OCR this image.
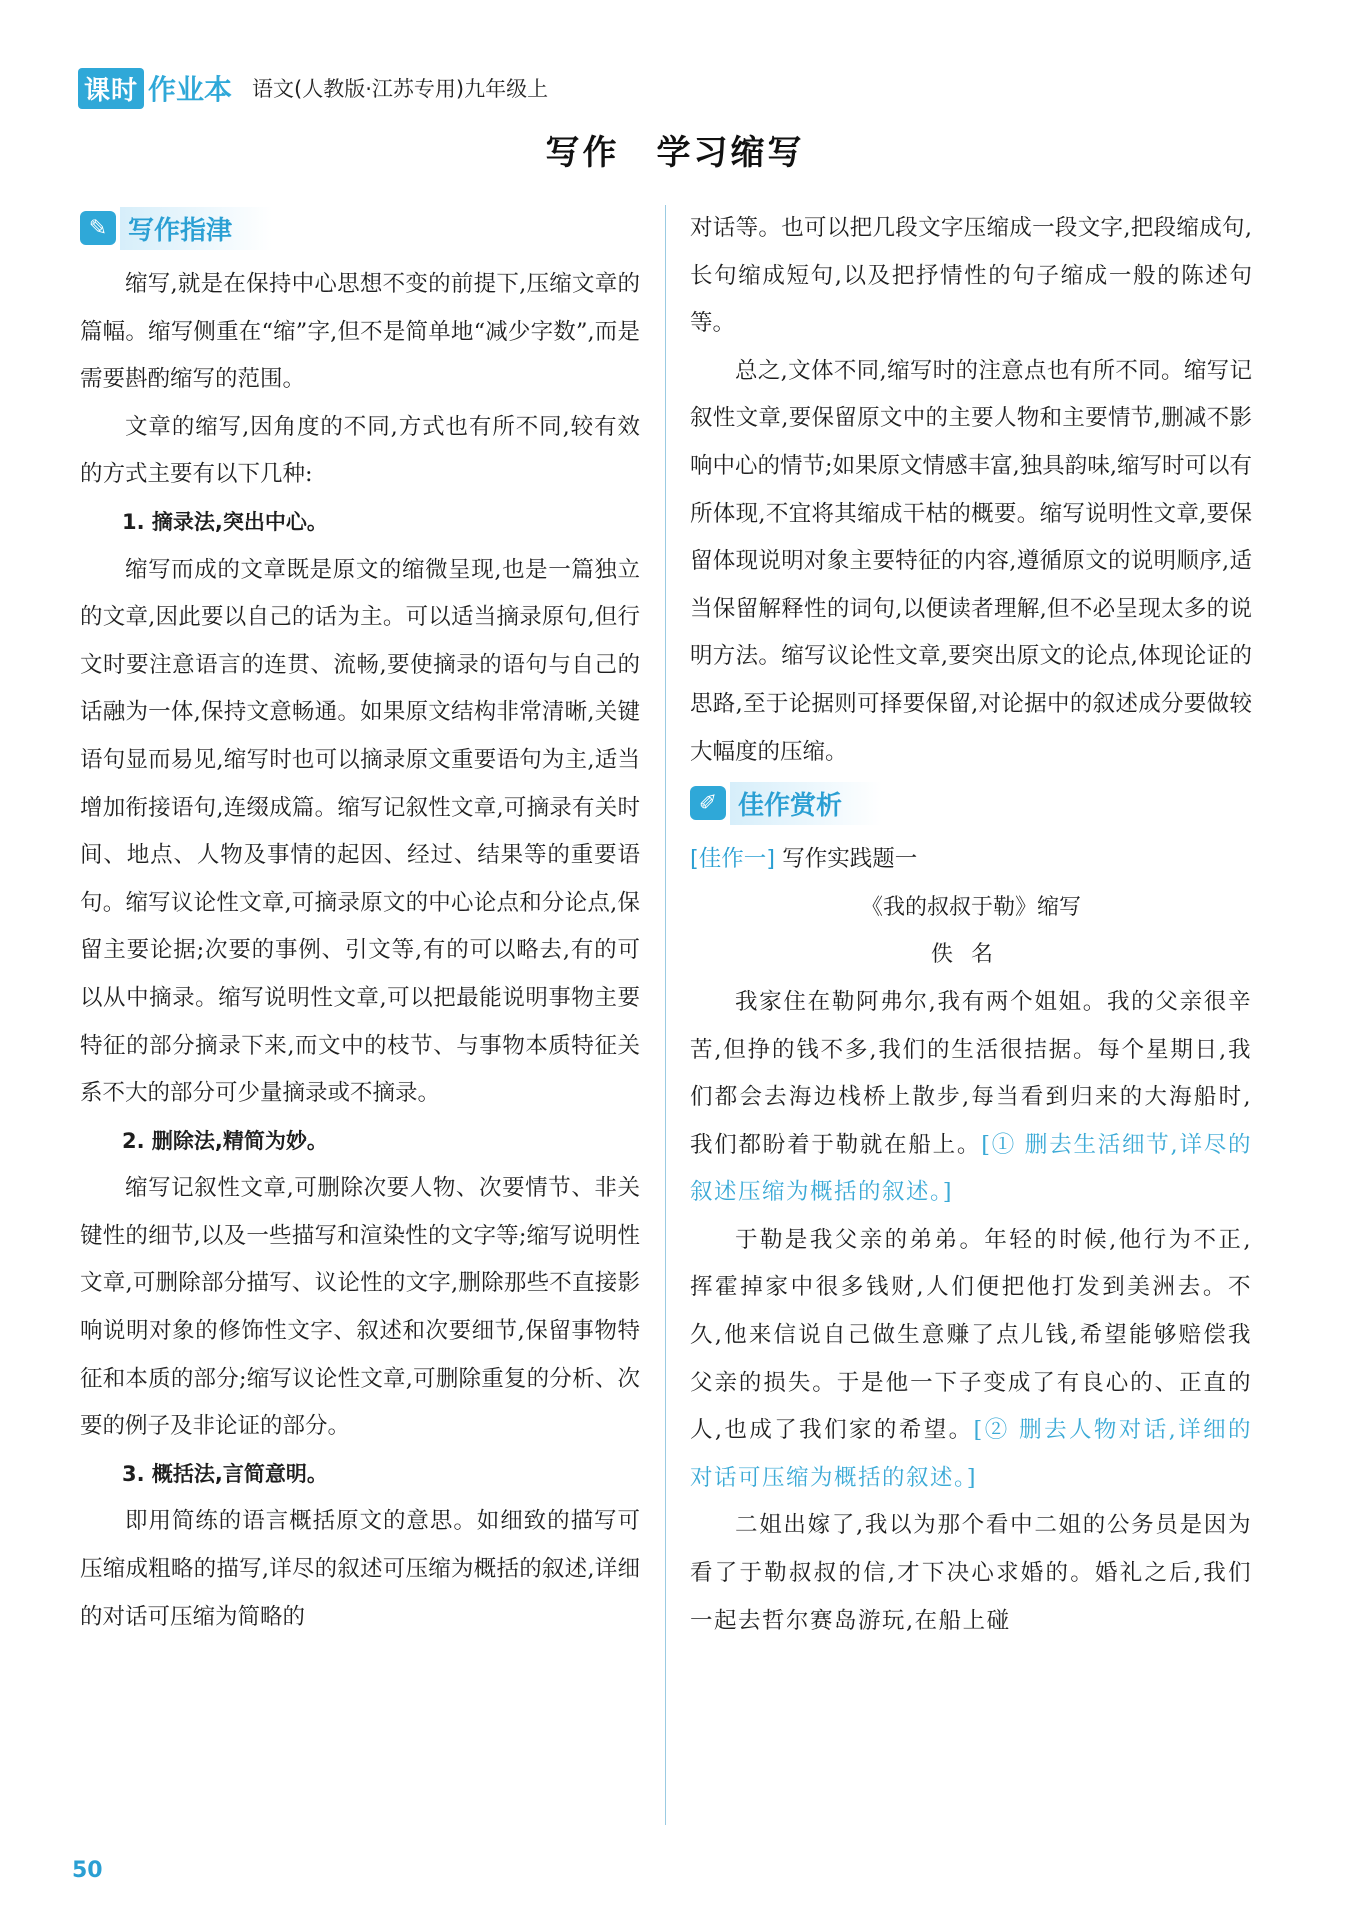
课时 作业本 语文(人教版·江苏专用)九年级上
写作　学习缩写
✎ 写作指津

缩写,就是在保持中心思想不变的前提下,压缩文章的篇幅。缩写侧重在“缩”字,但不是简单地“减少字数”,而是需要斟酌缩写的范围。

文章的缩写,因角度的不同,方式也有所不同,较有效的方式主要有以下几种:

1. 摘录法,突出中心。

缩写而成的文章既是原文的缩微呈现,也是一篇独立的文章,因此要以自己的话为主。可以适当摘录原句,但行文时要注意语言的连贯、流畅,要使摘录的语句与自己的话融为一体,保持文意畅通。如果原文结构非常清晰,关键语句显而易见,缩写时也可以摘录原文重要语句为主,适当增加衔接语句,连缀成篇。缩写记叙性文章,可摘录有关时间、地点、人物及事情的起因、经过、结果等的重要语句。缩写议论性文章,可摘录原文的中心论点和分论点,保留主要论据;次要的事例、引文等,有的可以略去,有的可以从中摘录。缩写说明性文章,可以把最能说明事物主要特征的部分摘录下来,而文中的枝节、与事物本质特征关系不大的部分可少量摘录或不摘录。

2. 删除法,精简为妙。

缩写记叙性文章,可删除次要人物、次要情节、非关键性的细节,以及一些描写和渲染性的文字等;缩写说明性文章,可删除部分描写、议论性的文字,删除那些不直接影响说明对象的修饰性文字、叙述和次要细节,保留事物特征和本质的部分;缩写议论性文章,可删除重复的分析、次要的例子及非论证的部分。

3. 概括法,言简意明。

即用简练的语言概括原文的意思。如细致的描写可压缩成粗略的描写,详尽的叙述可压缩为概括的叙述,详细的对话可压缩为简略的

对话等。也可以把几段文字压缩成一段文字,把段缩成句,长句缩成短句,以及把抒情性的句子缩成一般的陈述句等。

总之,文体不同,缩写时的注意点也有所不同。缩写记叙性文章,要保留原文中的主要人物和主要情节,删减不影响中心的情节;如果原文情感丰富,独具韵味,缩写时可以有所体现,不宜将其缩成干枯的概要。缩写说明性文章,要保留体现说明对象主要特征的内容,遵循原文的说明顺序,适当保留解释性的词句,以便读者理解,但不必呈现太多的说明方法。缩写议论性文章,要突出原文的论点,体现论证的思路,至于论据则可择要保留,对论据中的叙述成分要做较大幅度的压缩。

✐ 佳作赏析
[佳作一] 写作实践题一

《我的叔叔于勒》缩写

佚名

我家住在勒阿弗尔,我有两个姐姐。我的父亲很辛苦,但挣的钱不多,我们的生活很拮据。每个星期日,我们都会去海边栈桥上散步,每当看到归来的大海船时,我们都盼着于勒就在船上。[① 删去生活细节,详尽的叙述压缩为概括的叙述。]

于勒是我父亲的弟弟。年轻的时候,他行为不正,挥霍掉家中很多钱财,人们便把他打发到美洲去。不久,他来信说自己做生意赚了点儿钱,希望能够赔偿我父亲的损失。于是他一下子变成了有良心的、正直的人,也成了我们家的希望。[② 删去人物对话,详细的对话可压缩为概括的叙述。]

二姐出嫁了,我以为那个看中二姐的公务员是因为看了于勒叔叔的信,才下决心求婚的。婚礼之后,我们一起去哲尔赛岛游玩,在船上碰

50
